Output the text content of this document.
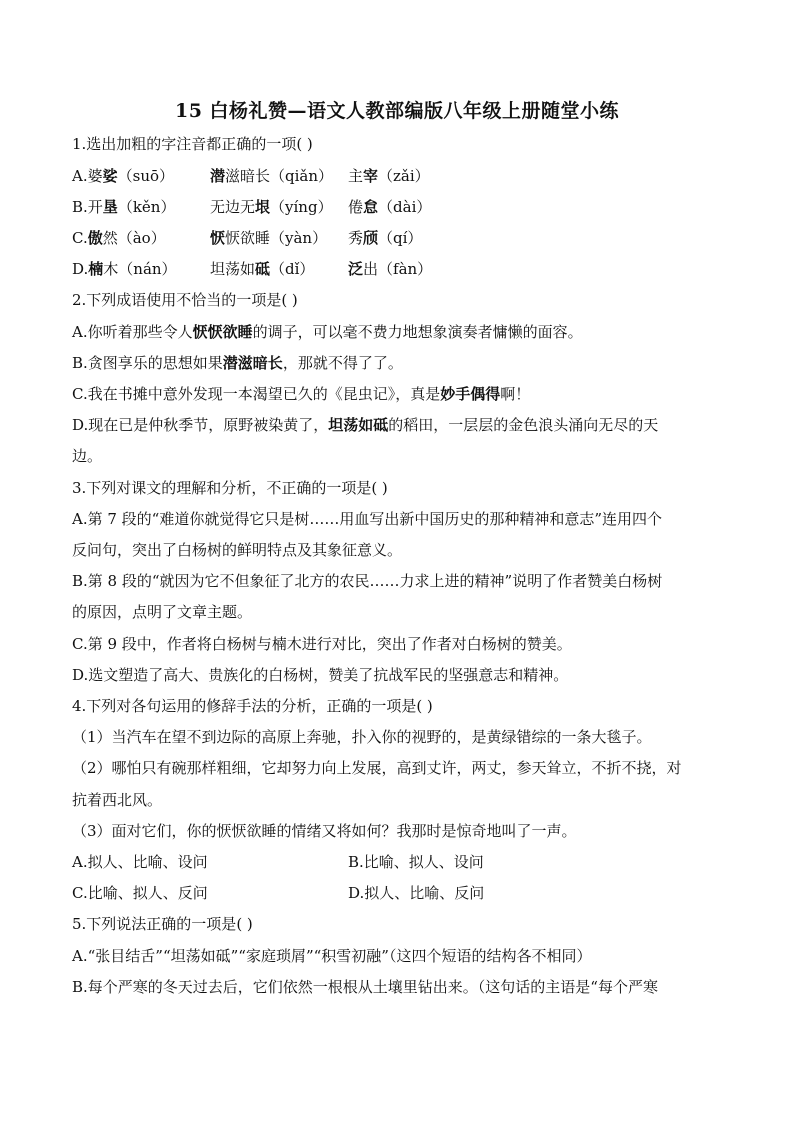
15 白杨礼赞—语文人教部编版八年级上册随堂小练
1.选出加粗的字注音都正确的一项( )
A.婆娑（suō） 潜滋暗长（qiǎn） 主宰（zǎi）
B.开垦（kěn） 无边无垠（yíng） 倦怠（dài）
C.傲然（ào）	恹恹欲睡（yàn） 秀颀（qí）
D.楠木（nán） 坦荡如砥（dǐ） 泛出（fàn）
2.下列成语使用不恰当的一项是( )
A.你听着那些令人恹恹欲睡的调子，可以毫不费力地想象演奏者慵懒的面容。
B.贪图享乐的思想如果潜滋暗长，那就不得了了。
C.我在书摊中意外发现一本渴望已久的《昆虫记》，真是妙手偶得啊！
D.现在已是仲秋季节，原野被染黄了，坦荡如砥的稻田，一层层的金色浪头涌向无尽的天
边。
3.下列对课文的理解和分析，不正确的一项是( )
A.第 7 段的“难道你就觉得它只是树……用血写出新中国历史的那种精神和意志”连用四个
反问句，突出了白杨树的鲜明特点及其象征意义。
B.第 8 段的“就因为它不但象征了北方的农民……力求上进的精神”说明了作者赞美白杨树
的原因，点明了文章主题。
C.第 9 段中，作者将白杨树与楠木进行对比，突出了作者对白杨树的赞美。
D.选文塑造了高大、贵族化的白杨树，赞美了抗战军民的坚强意志和精神。
4.下列对各句运用的修辞手法的分析，正确的一项是( )
（1）当汽车在望不到边际的高原上奔驰，扑入你的视野的，是黄绿错综的一条大毯子。
（2）哪怕只有碗那样粗细，它却努力向上发展，高到丈许，两丈，参天耸立，不折不挠，对
抗着西北风。
（3）面对它们，你的恹恹欲睡的情绪又将如何？我那时是惊奇地叫了一声。
A.拟人、比喻、设问	B.比喻、拟人、设问
C.比喻、拟人、反问	D.拟人、比喻、反问
5.下列说法正确的一项是( )
A.“张目结舌”“坦荡如砥”“家庭琐屑”“积雪初融”（这四个短语的结构各不相同）
B.每个严寒的冬天过去后，它们依然一根根从土壤里钻出来。（这句话的主语是“每个严寒
